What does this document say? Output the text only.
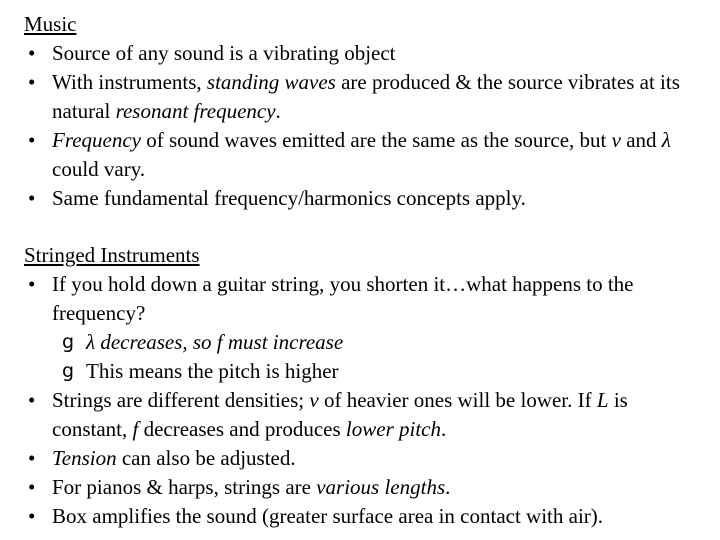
Music

• Source of any sound is a vibrating object
• With instruments, standing waves are produced & the source vibrates at its natural resonant frequency.
• Frequency of sound waves emitted are the same as the source, but v and λ could vary.
• Same fundamental frequency/harmonics concepts apply.

Stringed Instruments

• If you hold down a guitar string, you shorten it…what happens to the frequency?
g λ decreases, so f must increase
g This means the pitch is higher
• Strings are different densities; v of heavier ones will be lower. If L is constant, f decreases and produces lower pitch.
• Tension can also be adjusted.
• For pianos & harps, strings are various lengths.
• Box amplifies the sound (greater surface area in contact with air).
